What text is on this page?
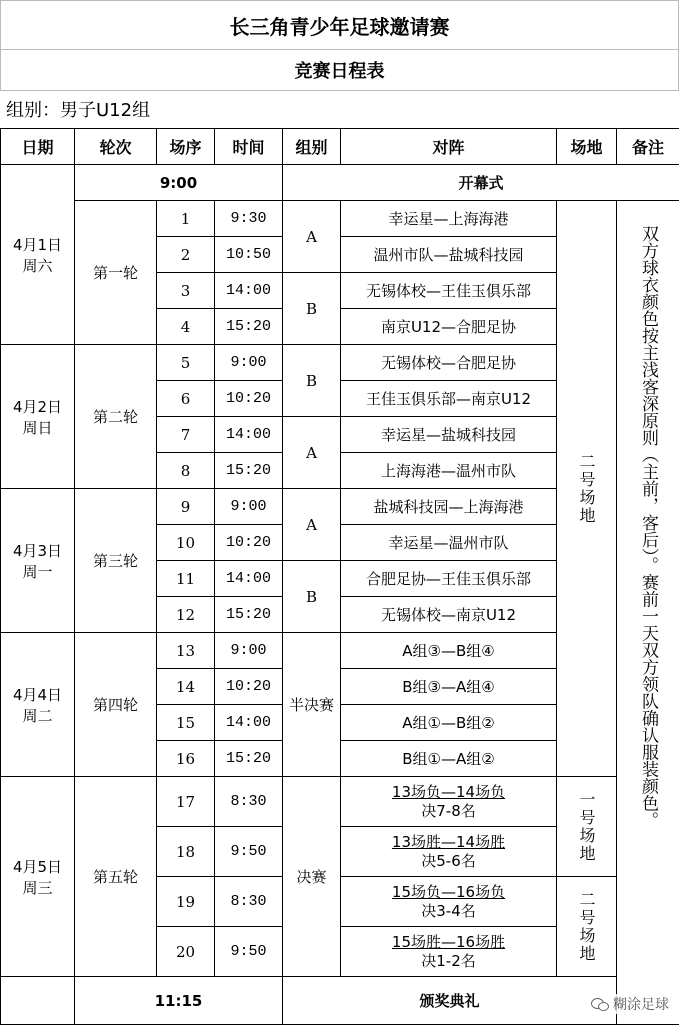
长三角青少年足球邀请赛
竞赛日程表
组别：男子U12组
日期	轮次	场序	时间	组别	对阵	场地	备注
4月1日
周六	9:00			开幕式			
	第一轮	1	9:30	A	幸运星—上海海港	二号场地	双方球衣颜色按主浅客深原则（主前，客后）。赛前一天双方领队确认服装颜色。

		2	10:50		温州市队—盐城科技园		
		3	14:00	B	无锡体校—王佳玉俱乐部		
		4	15:20		南京U12—合肥足协		
4月2日
周日	第二轮	5	9:00	B	无锡体校—合肥足协		
		6	10:20		王佳玉俱乐部—南京U12		
		7	14:00	A	幸运星—盐城科技园		
		8	15:20		上海海港—温州市队		
4月3日
周一	第三轮	9	9:00	A	盐城科技园—上海海港		
		10	10:20		幸运星—温州市队		
		11	14:00	B	合肥足协—王佳玉俱乐部		
		12	15:20		无锡体校—南京U12		
4月4日
周二	第四轮	13	9:00	半决赛	A组③—B组④		
		14	10:20		B组③—A组④		
		15	14:00		A组①—B组②		
		16	15:20		B组①—A组②		
4月5日
周三	第五轮	17	8:30	决赛	13场负—14场负
决7-8名	一号场地	

		18	9:50		13场胜—14场胜
决5-6名		
		19	8:30		15场负—16场负
决3-4名	二号场地	

		20	9:50		15场胜—16场胜
决1-2名		
	11:15			颁奖典礼				糊涂足球
